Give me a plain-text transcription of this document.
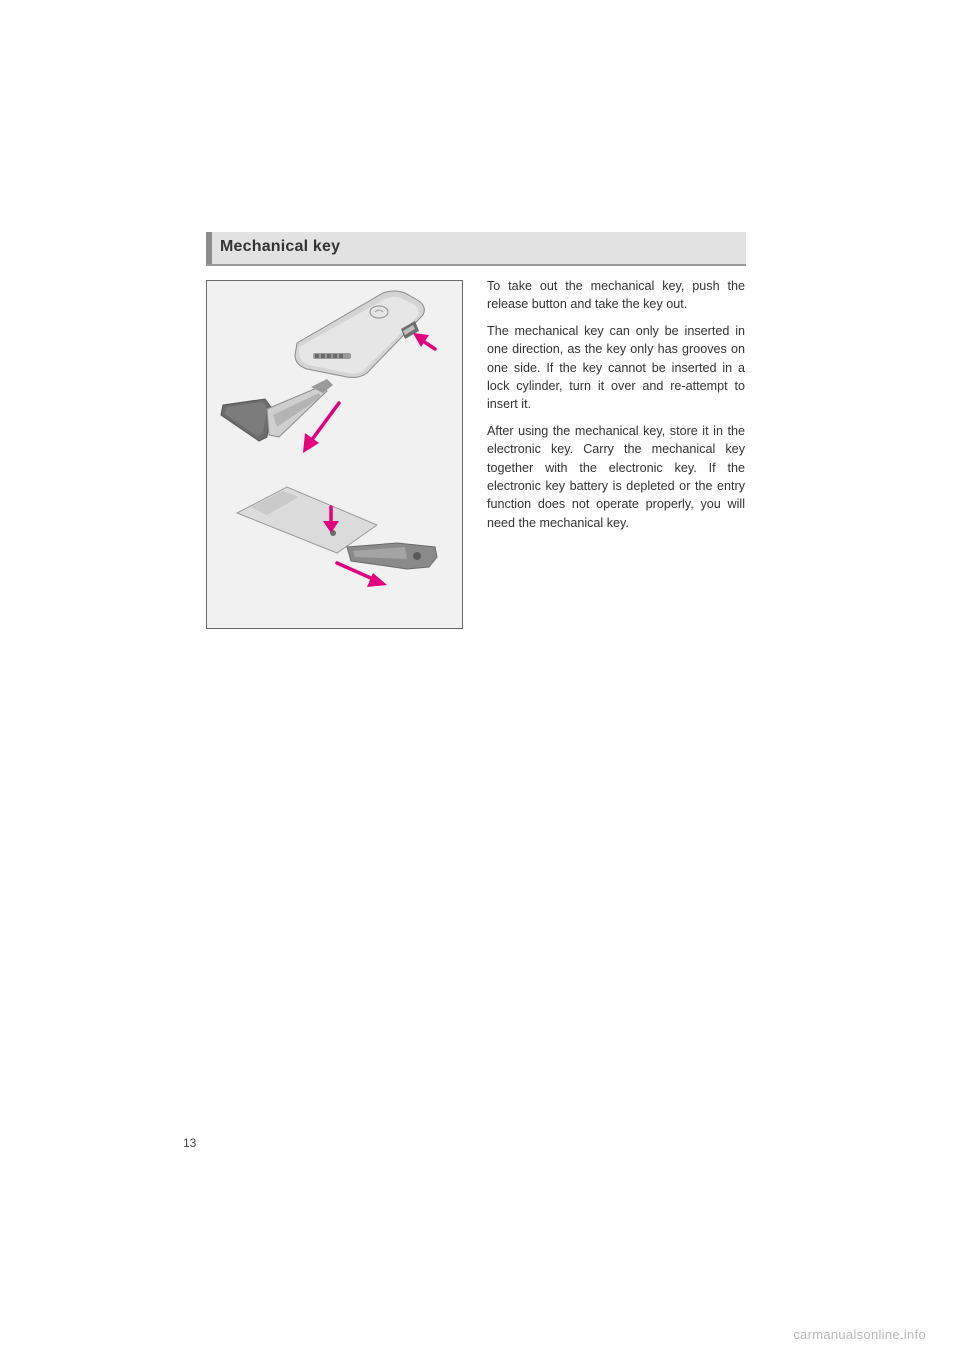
Mechanical key

To take out the mechanical key, push the release button and take the key out.

The mechanical key can only be inserted in one direction, as the key only has grooves on one side. If the key cannot be inserted in a lock cylinder, turn it over and re-attempt to insert it.

After using the mechanical key, store it in the electronic key. Carry the mechanical key together with the electronic key. If the electronic key battery is depleted or the entry function does not operate properly, you will need the mechanical key.

13
carmanualsonline.info
